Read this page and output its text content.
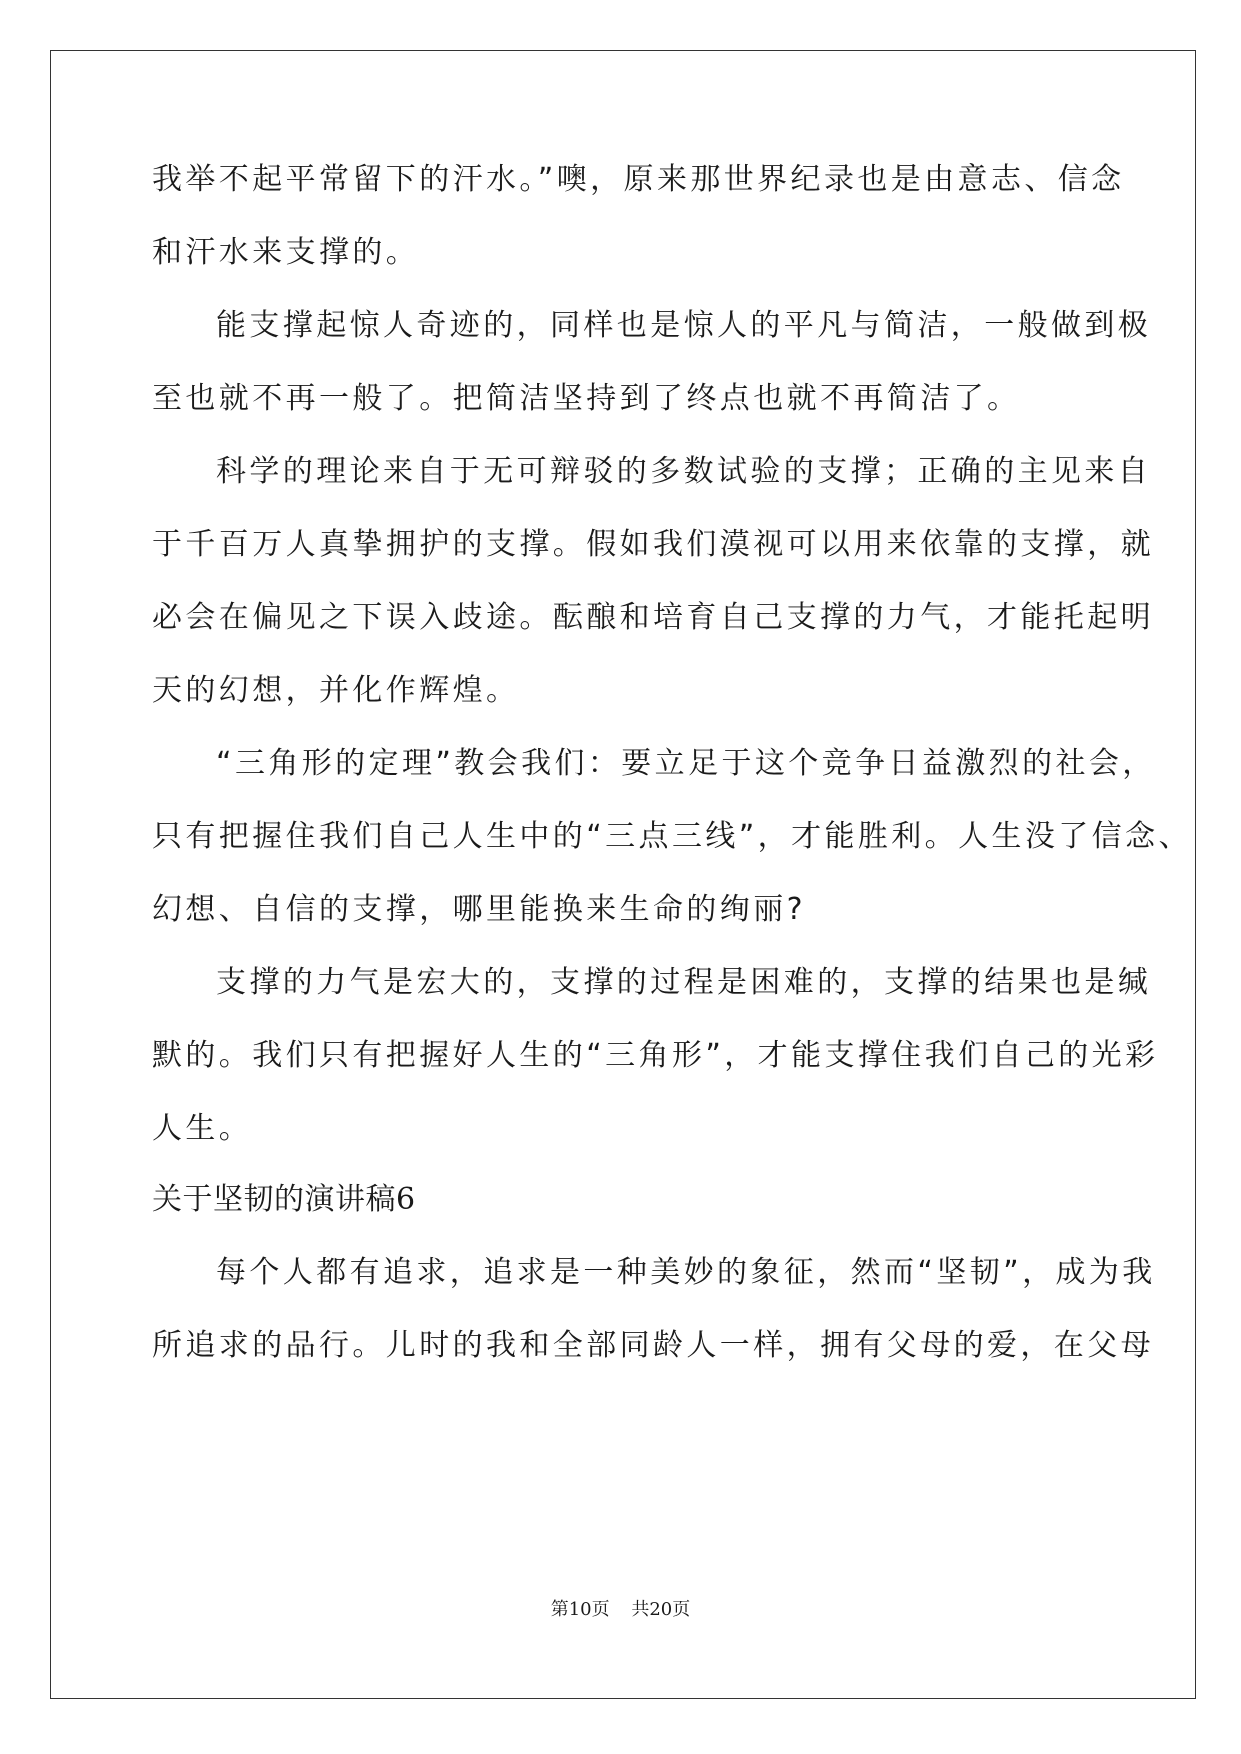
我举不起平常留下的汗水。”噢，原来那世界纪录也是由意志、信念
和汗水来支撑的。
能支撑起惊人奇迹的，同样也是惊人的平凡与简洁，一般做到极
至也就不再一般了。把简洁坚持到了终点也就不再简洁了。
科学的理论来自于无可辩驳的多数试验的支撑；正确的主见来自
于千百万人真挚拥护的支撑。假如我们漠视可以用来依靠的支撑，就
必会在偏见之下误入歧途。酝酿和培育自己支撑的力气，才能托起明
天的幻想，并化作辉煌。
“三角形的定理”教会我们：要立足于这个竞争日益激烈的社会，
只有把握住我们自己人生中的“三点三线”，才能胜利。人生没了信念、
幻想、自信的支撑，哪里能换来生命的绚丽?
支撑的力气是宏大的，支撑的过程是困难的，支撑的结果也是缄
默的。我们只有把握好人生的“三角形”，才能支撑住我们自己的光彩
人生。
关于坚韧的演讲稿6
每个人都有追求，追求是一种美妙的象征，然而“坚韧”，成为我
所追求的品行。儿时的我和全部同龄人一样，拥有父母的爱，在父母
第10页 共20页
